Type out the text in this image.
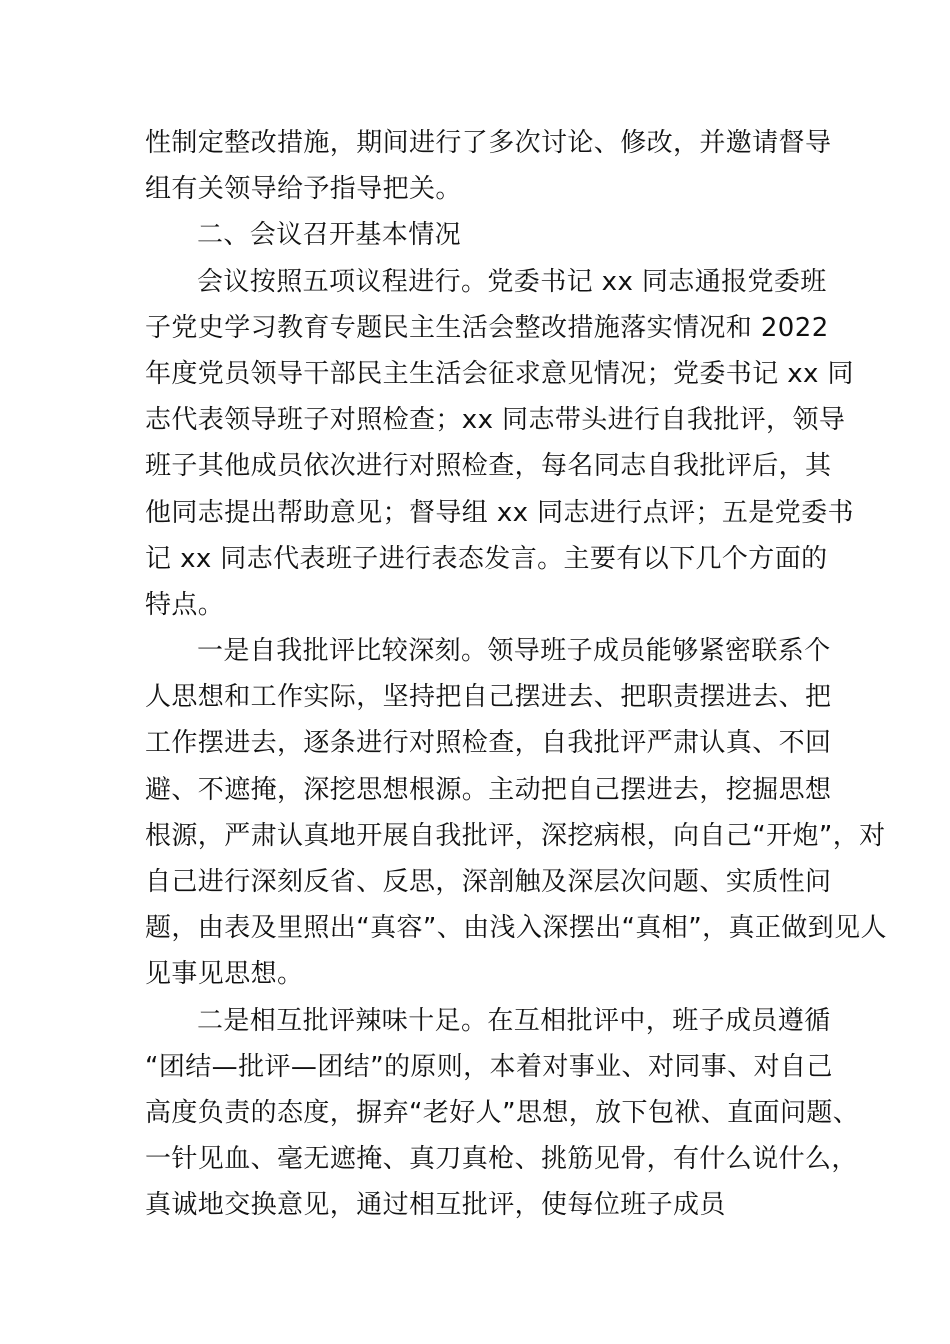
性制定整改措施，期间进行了多次讨论、修改，并邀请督导
组有关领导给予指导把关。
二、会议召开基本情况
会议按照五项议程进行。党委书记 xx 同志通报党委班
子党史学习教育专题民主生活会整改措施落实情况和 2022
年度党员领导干部民主生活会征求意见情况；党委书记 xx 同
志代表领导班子对照检查；xx 同志带头进行自我批评，领导
班子其他成员依次进行对照检查，每名同志自我批评后，其
他同志提出帮助意见；督导组 xx 同志进行点评；五是党委书
记 xx 同志代表班子进行表态发言。主要有以下几个方面的
特点。
一是自我批评比较深刻。领导班子成员能够紧密联系个
人思想和工作实际，坚持把自己摆进去、把职责摆进去、把
工作摆进去，逐条进行对照检查，自我批评严肃认真、不回
避、不遮掩，深挖思想根源。主动把自己摆进去，挖掘思想
根源，严肃认真地开展自我批评，深挖病根，向自己“开炮”，对
自己进行深刻反省、反思，深剖触及深层次问题、实质性问
题，由表及里照出“真容”、由浅入深摆出“真相”，真正做到见人
见事见思想。
二是相互批评辣味十足。在互相批评中，班子成员遵循
“团结—批评—团结”的原则，本着对事业、对同事、对自己
高度负责的态度，摒弃“老好人”思想，放下包袱、直面问题、
一针见血、毫无遮掩、真刀真枪、挑筋见骨，有什么说什么，
真诚地交换意见，通过相互批评，使每位班子成员
